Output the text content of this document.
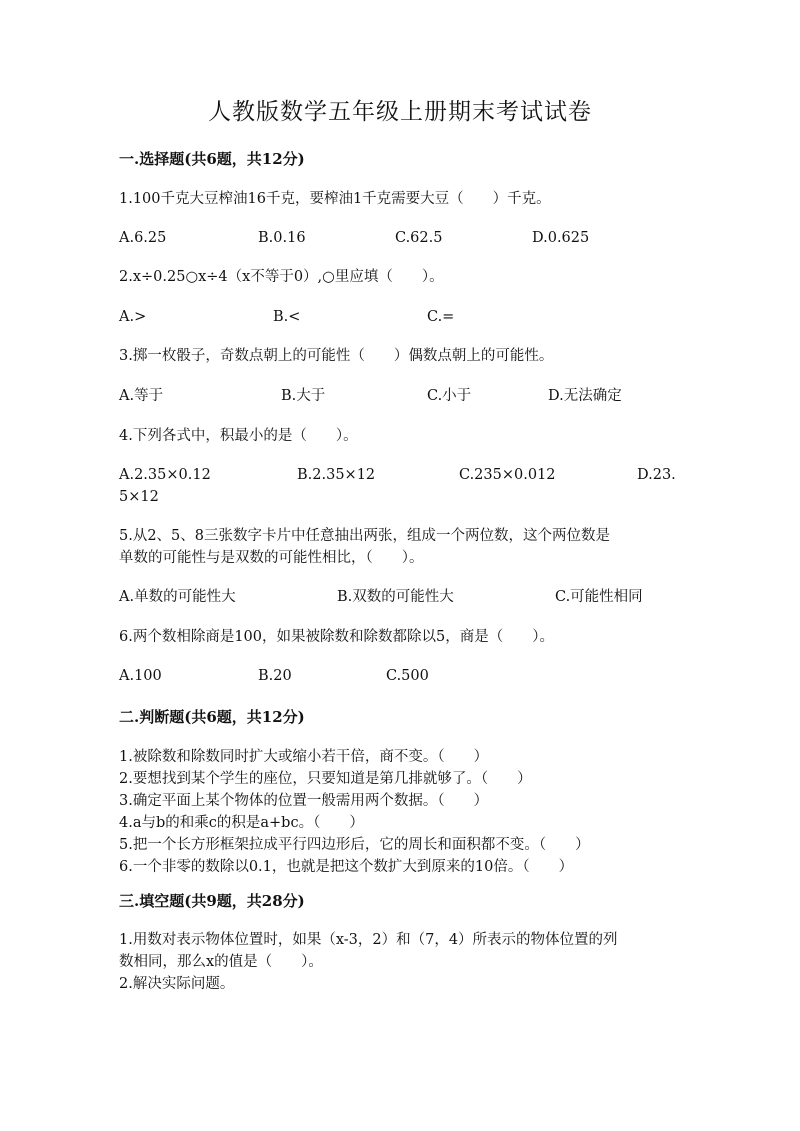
人教版数学五年级上册期末考试试卷
一.选择题(共6题，共12分)
1.100千克大豆榨油16千克，要榨油1千克需要大豆（　　）千克。
A.6.25	B.0.16	C.62.5	D.0.625
2.x÷0.25○x÷4（x不等于0）,○里应填（　　）。
A.>	B.<	C.=
3.掷一枚骰子，奇数点朝上的可能性（　　）偶数点朝上的可能性。
A.等于	B.大于	C.小于	D.无法确定
4.下列各式中，积最小的是（　　）。
A.2.35×0.12	B.2.35×12	C.235×0.012	D.23.
5×12
5.从2、5、8三张数字卡片中任意抽出两张，组成一个两位数，这个两位数是
单数的可能性与是双数的可能性相比，（　　）。
A.单数的可能性大	B.双数的可能性大	C.可能性相同
6.两个数相除商是100，如果被除数和除数都除以5，商是（　　）。
A.100	B.20	C.500
二.判断题(共6题，共12分)
1.被除数和除数同时扩大或缩小若干倍，商不变。（　　）
2.要想找到某个学生的座位，只要知道是第几排就够了。（　　）
3.确定平面上某个物体的位置一般需用两个数据。（　　）
4.a与b的和乘c的积是a+bc。（　　）
5.把一个长方形框架拉成平行四边形后，它的周长和面积都不变。（　　）
6.一个非零的数除以0.1，也就是把这个数扩大到原来的10倍。（　　）
三.填空题(共9题，共28分)
1.用数对表示物体位置时，如果（x-3，2）和（7，4）所表示的物体位置的列
数相同，那么x的值是（　　）。
2.解决实际问题。
